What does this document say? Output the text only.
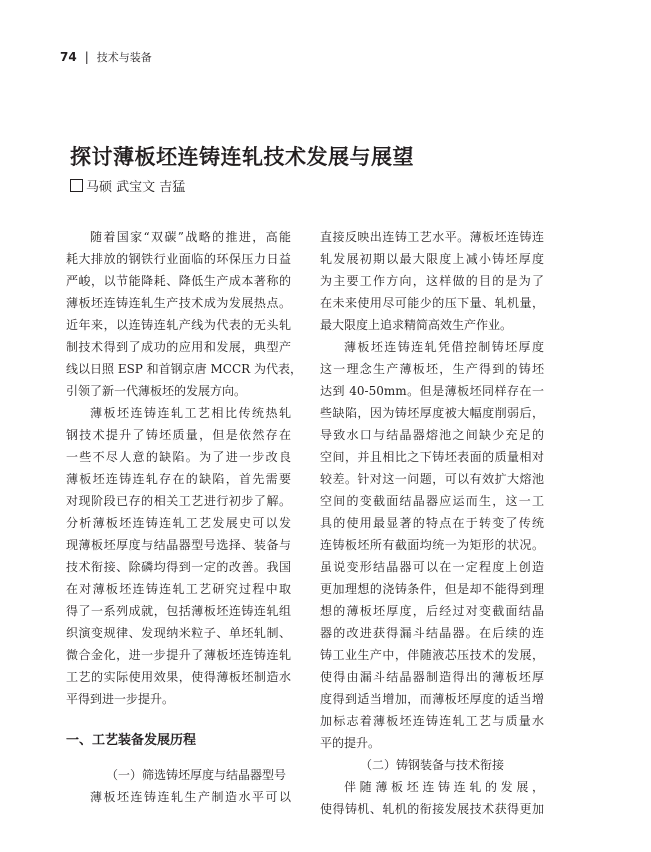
74 | 技术与装备
探讨薄板坯连铸连轧技术发展与展望
马硕 武宝文 吉猛

随着国家“双碳”战略的推进，高能
耗大排放的钢铁行业面临的环保压力日益
严峻，以节能降耗、降低生产成本著称的
薄板坯连铸连轧生产技术成为发展热点。
近年来，以连铸连轧产线为代表的无头轧
制技术得到了成功的应用和发展，典型产
线以日照 ESP 和首钢京唐 MCCR 为代表，
引领了新一代薄板坯的发展方向。

薄板坯连铸连轧工艺相比传统热轧
钢技术提升了铸坯质量，但是依然存在
一些不尽人意的缺陷。为了进一步改良
薄板坯连铸连轧存在的缺陷，首先需要
对现阶段已存的相关工艺进行初步了解。
分析薄板坯连铸连轧工艺发展史可以发
现薄板坯厚度与结晶器型号选择、装备与
技术衔接、除磷均得到一定的改善。我国
在对薄板坯连铸连轧工艺研究过程中取
得了一系列成就，包括薄板坯连铸连轧组
织演变规律、发现纳米粒子、单坯轧制、
微合金化，进一步提升了薄板坯连铸连轧
工艺的实际使用效果，使得薄板坯制造水
平得到进一步提升。

一、工艺装备发展历程

（一）筛选铸坯厚度与结晶器型号

薄板坯连铸连轧生产制造水平可以

直接反映出连铸工艺水平。薄板坯连铸连
轧发展初期以最大限度上减小铸坯厚度
为主要工作方向，这样做的目的是为了
在未来使用尽可能少的压下量、轧机量，
最大限度上追求精简高效生产作业。

薄板坯连铸连轧凭借控制铸坯厚度
这一理念生产薄板坯，生产得到的铸坯
达到 40-50mm。但是薄板坯同样存在一
些缺陷，因为铸坯厚度被大幅度削弱后，
导致水口与结晶器熔池之间缺少充足的
空间，并且相比之下铸坯表面的质量相对
较差。针对这一问题，可以有效扩大熔池
空间的变截面结晶器应运而生，这一工
具的使用最显著的特点在于转变了传统
连铸板坯所有截面均统一为矩形的状况。
虽说变形结晶器可以在一定程度上创造
更加理想的浇铸条件，但是却不能得到理
想的薄板坯厚度，后经过对变截面结晶
器的改进获得漏斗结晶器。在后续的连
铸工业生产中，伴随液芯压技术的发展，
使得由漏斗结晶器制造得出的薄板坯厚
度得到适当增加，而薄板坯厚度的适当增
加标志着薄板坯连铸连轧工艺与质量水
平的提升。

（二）铸钢装备与技术衔接

伴随薄板坯连铸连轧的发展，
使得铸机、轧机的衔接发展技术获得更加
